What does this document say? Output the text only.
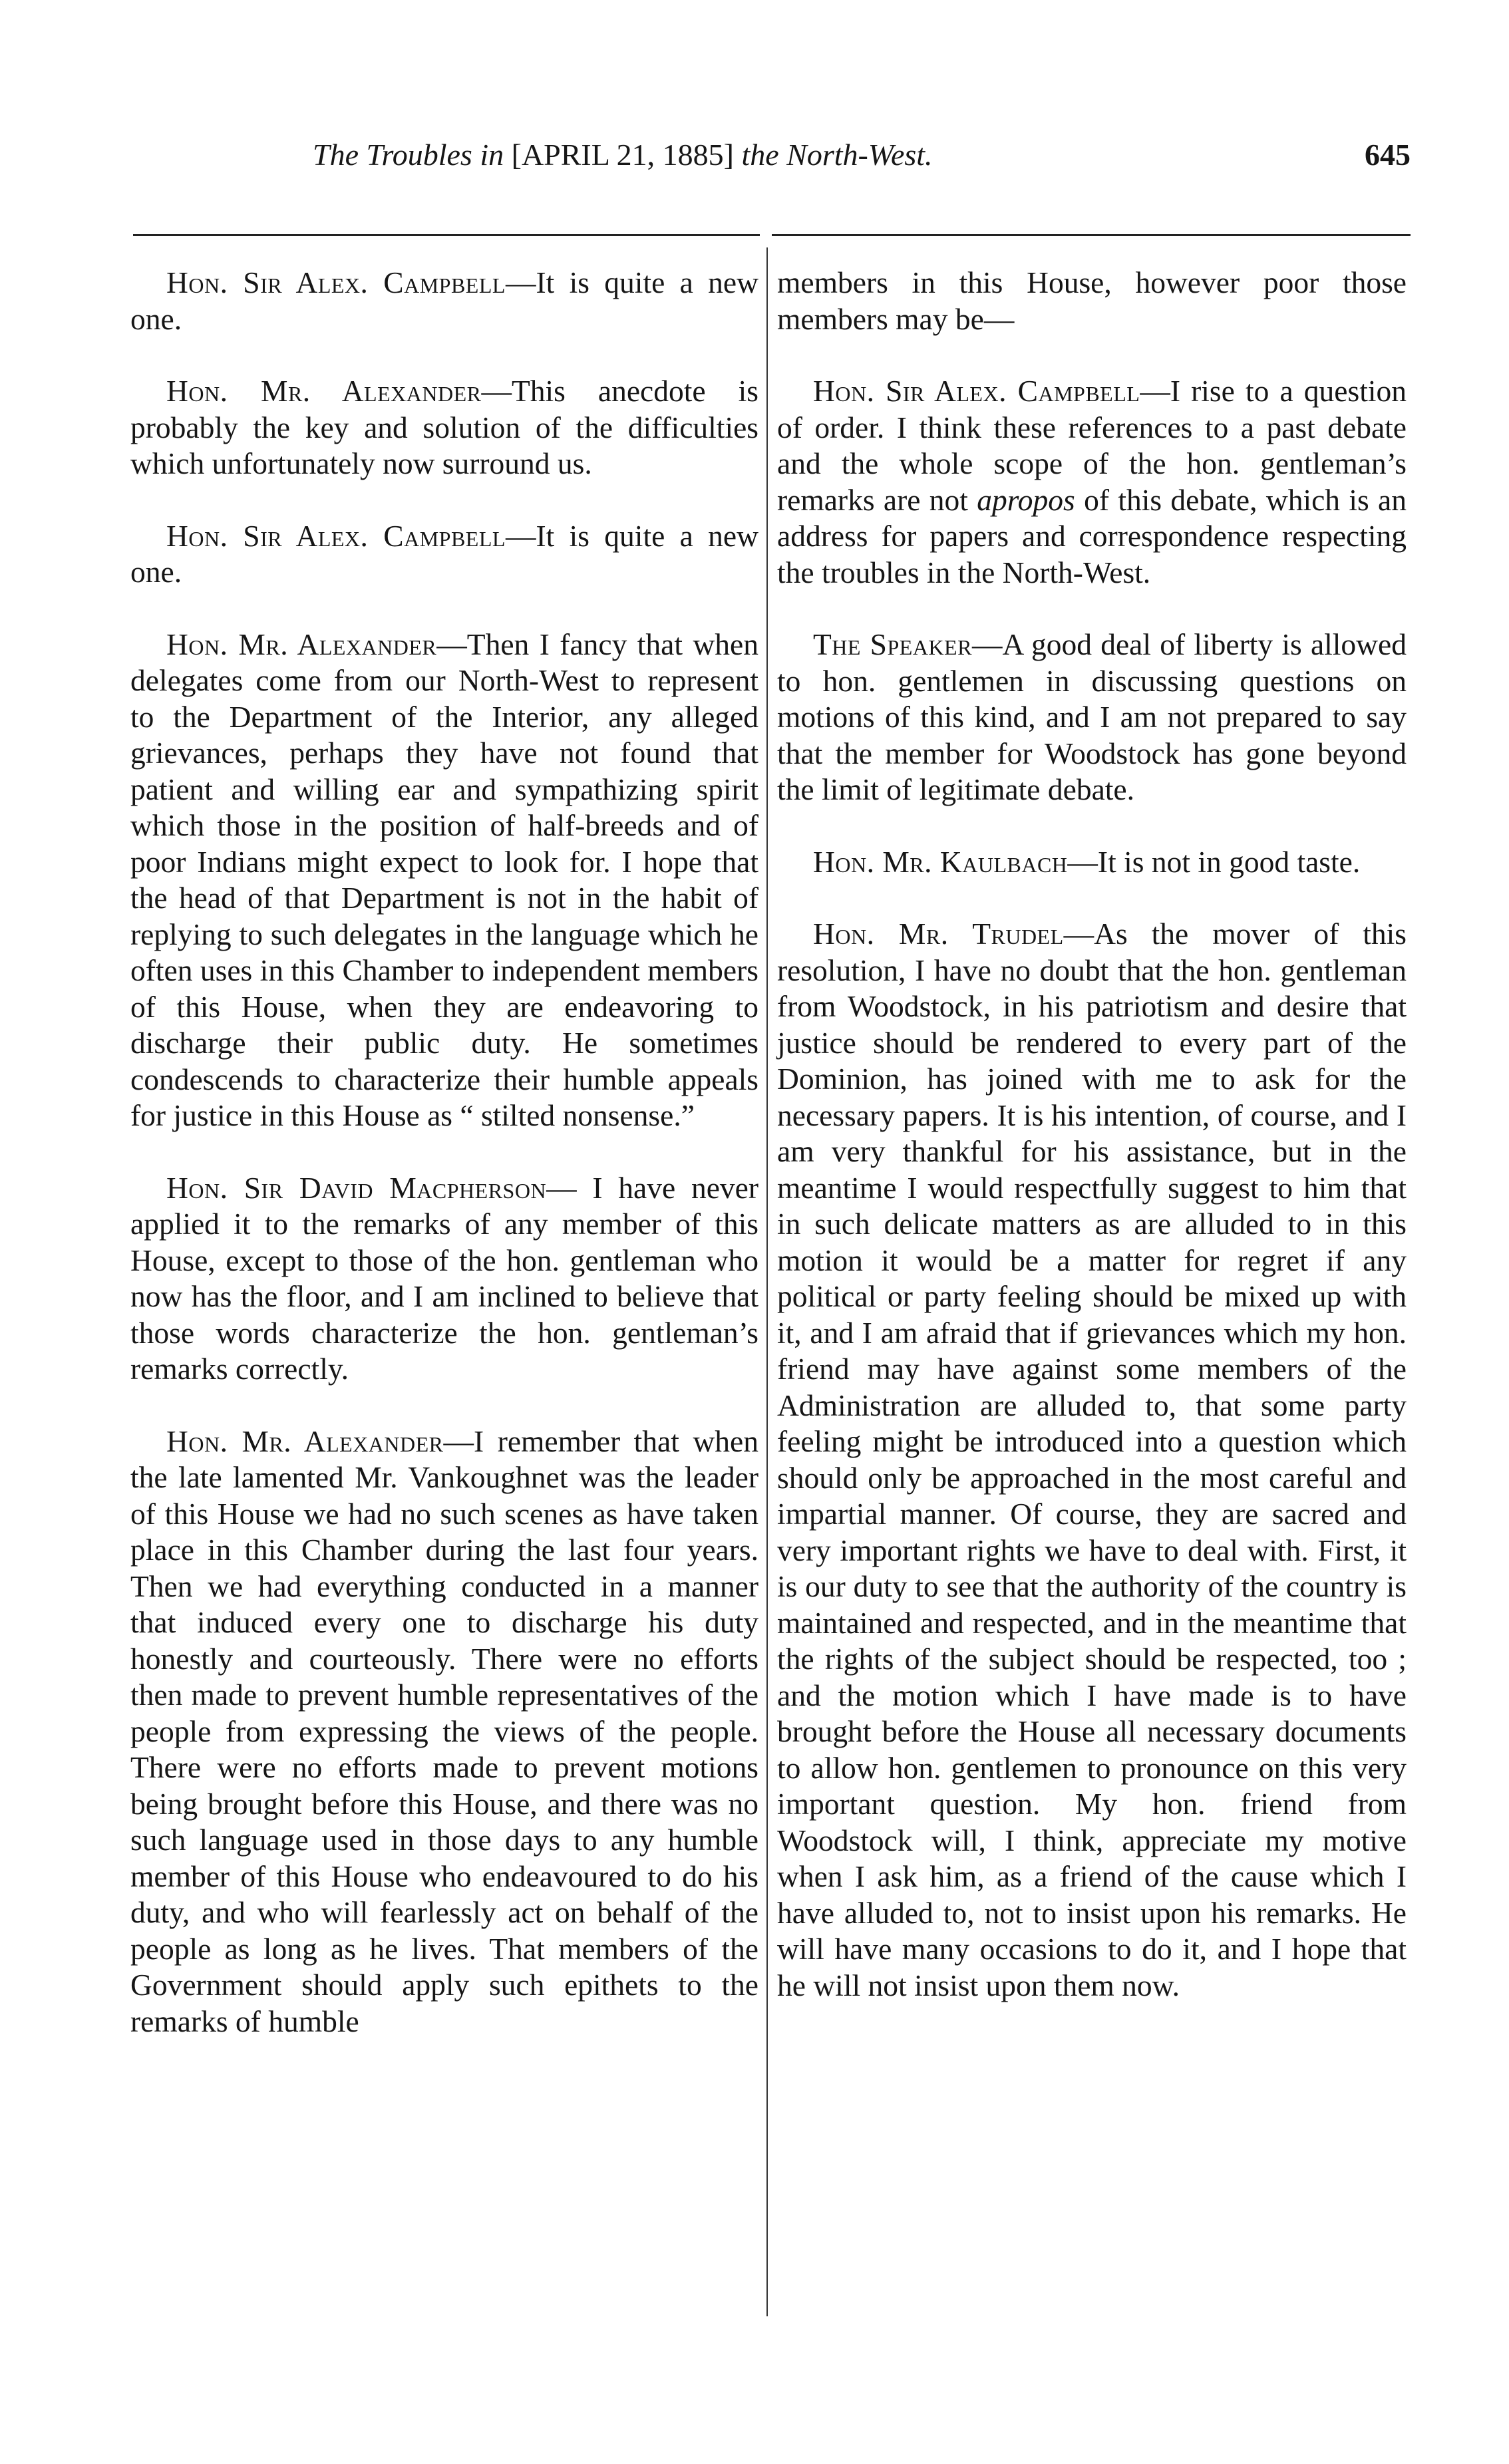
The Troubles in [APRIL 21, 1885] the North-West.	645

Hon. Sir Alex. Campbell—It is quite a new one.

Hon. Mr. Alexander—This anecdote is probably the key and solution of the difficulties which unfortunately now surround us.

Hon. Sir Alex. Campbell—It is quite a new one.

Hon. Mr. Alexander—Then I fancy that when delegates come from our North-West to represent to the Department of the Interior, any alleged grievances, perhaps they have not found that patient and willing ear and sympathizing spirit which those in the position of half-breeds and of poor Indians might expect to look for. I hope that the head of that Department is not in the habit of replying to such delegates in the language which he often uses in this Chamber to independent members of this House, when they are endeavoring to discharge their public duty. He sometimes condescends to characterize their humble appeals for justice in this House as “ stilted nonsense.”

Hon. Sir David Macpherson— I have never applied it to the remarks of any member of this House, except to those of the hon. gentleman who now has the floor, and I am inclined to believe that those words characterize the hon. gentleman’s remarks correctly.

Hon. Mr. Alexander—I remember that when the late lamented Mr. Vankoughnet was the leader of this House we had no such scenes as have taken place in this Chamber during the last four years. Then we had everything conducted in a manner that induced every one to discharge his duty honestly and courteously. There were no efforts then made to prevent humble representatives of the people from expressing the views of the people. There were no efforts made to prevent motions being brought before this House, and there was no such language used in those days to any humble member of this House who endeavoured to do his duty, and who will fearlessly act on behalf of the people as long as he lives. That members of the Government should apply such epithets to the remarks of humble

members in this House, however poor those members may be—

Hon. Sir Alex. Campbell—I rise to a question of order. I think these references to a past debate and the whole scope of the hon. gentleman’s remarks are not apropos of this debate, which is an address for papers and correspondence respecting the troubles in the North-West.

The Speaker—A good deal of liberty is allowed to hon. gentlemen in discussing questions on motions of this kind, and I am not prepared to say that the member for Woodstock has gone beyond the limit of legitimate debate.

Hon. Mr. Kaulbach—It is not in good taste.

Hon. Mr. Trudel—As the mover of this resolution, I have no doubt that the hon. gentleman from Woodstock, in his patriotism and desire that justice should be rendered to every part of the Dominion, has joined with me to ask for the necessary papers. It is his intention, of course, and I am very thankful for his assistance, but in the meantime I would respectfully suggest to him that in such delicate matters as are alluded to in this motion it would be a matter for regret if any political or party feeling should be mixed up with it, and I am afraid that if grievances which my hon. friend may have against some members of the Administration are alluded to, that some party feeling might be introduced into a question which should only be approached in the most careful and impartial manner. Of course, they are sacred and very important rights we have to deal with. First, it is our duty to see that the authority of the country is maintained and respected, and in the meantime that the rights of the subject should be respected, too ; and the motion which I have made is to have brought before the House all necessary documents to allow hon. gentlemen to pronounce on this very important question. My hon. friend from Woodstock will, I think, appreciate my motive when I ask him, as a friend of the cause which I have alluded to, not to insist upon his remarks. He will have many occasions to do it, and I hope that he will not insist upon them now.
